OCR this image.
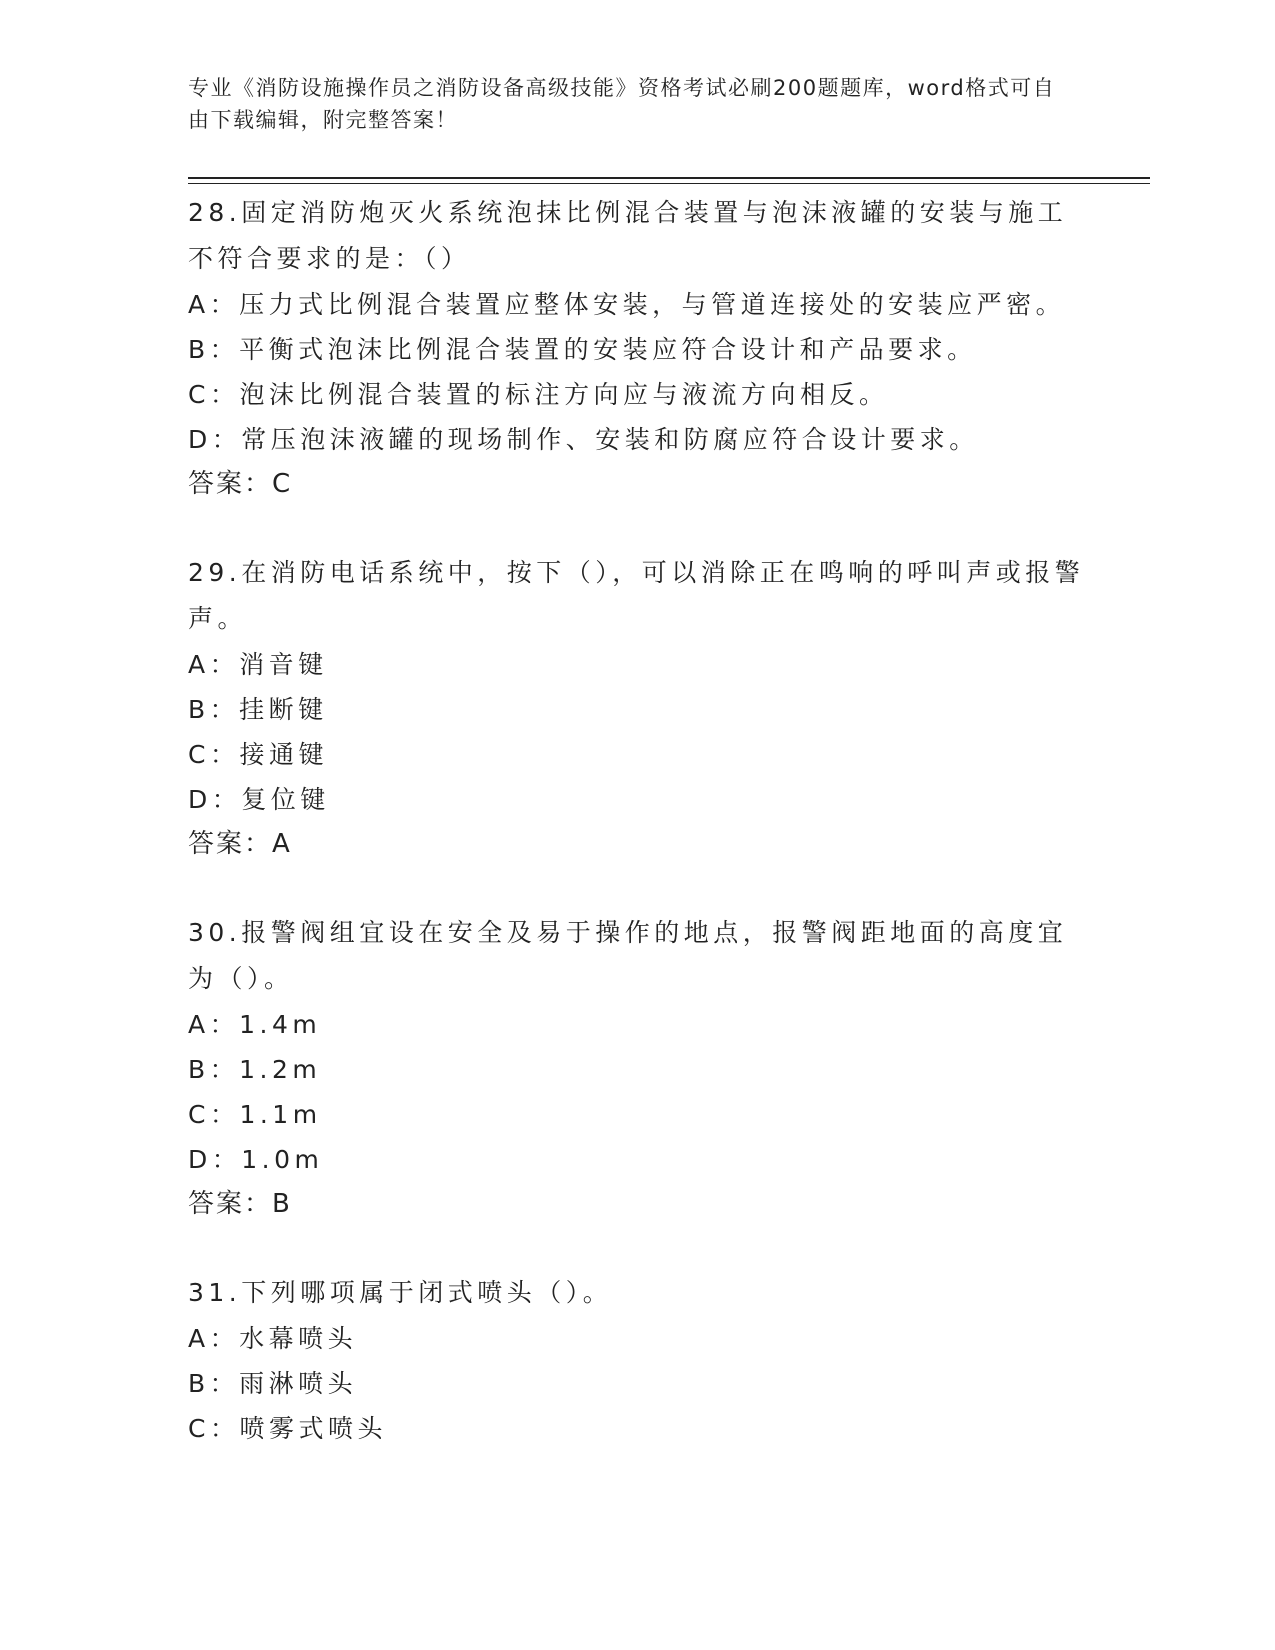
专业《消防设施操作员之消防设备高级技能》资格考试必刷200题题库，word格式可自由下载编辑，附完整答案！

28.固定消防炮灭火系统泡抹比例混合装置与泡沫液罐的安装与施工不符合要求的是：（）

A：压力式比例混合装置应整体安装，与管道连接处的安装应严密。

B：平衡式泡沫比例混合装置的安装应符合设计和产品要求。

C：泡沫比例混合装置的标注方向应与液流方向相反。

D：常压泡沫液罐的现场制作、安装和防腐应符合设计要求。

答案：C

29.在消防电话系统中，按下（），可以消除正在鸣响的呼叫声或报警声。

A：消音键

B：挂断键

C：接通键

D：复位键

答案：A

30.报警阀组宜设在安全及易于操作的地点，报警阀距地面的高度宜为（）。

A：1.4m

B：1.2m

C：1.1m

D：1.0m

答案：B

31.下列哪项属于闭式喷头（）。

A：水幕喷头

B：雨淋喷头

C：喷雾式喷头
